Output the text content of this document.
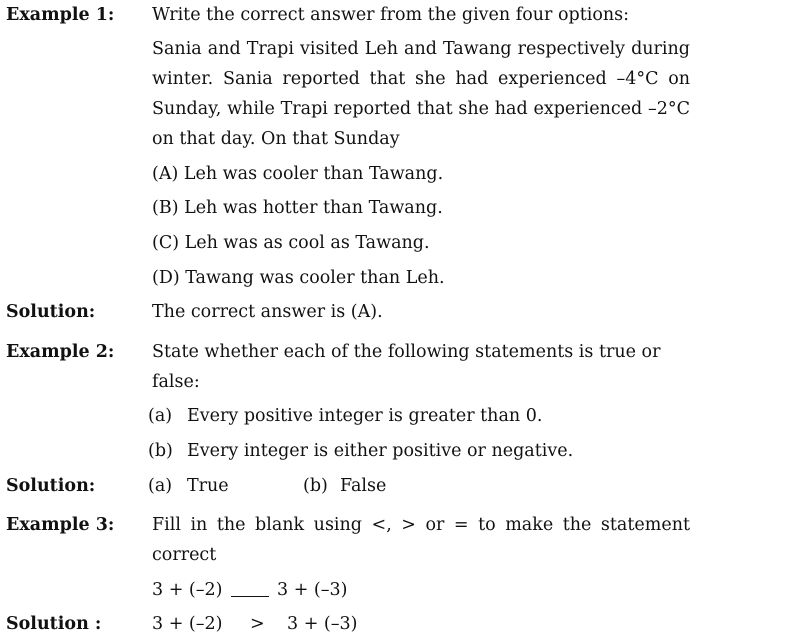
Example 1: Write the correct answer from the given four options:
Sania and Trapi visited Leh and Tawang respectively during winter. Sania reported that she had experienced –4°C on Sunday, while Trapi reported that she had experienced –2°C on that day. On that Sunday
(A) Leh was cooler than Tawang.
(B) Leh was hotter than Tawang.
(C) Leh was as cool as Tawang.
(D) Tawang was cooler than Leh.
Solution:	The correct answer is (A).
Example 2: State whether each of the following statements is true or false:
(a) Every positive integer is greater than 0.
(b) Every integer is either positive or negative.
Solution:	(a) True	(b) False
Example 3: Fill in the blank using <, > or = to make the statement correct
3 + (–2)	3 + (–3)
Solution :	3 + (–2) > 3 + (–3)
